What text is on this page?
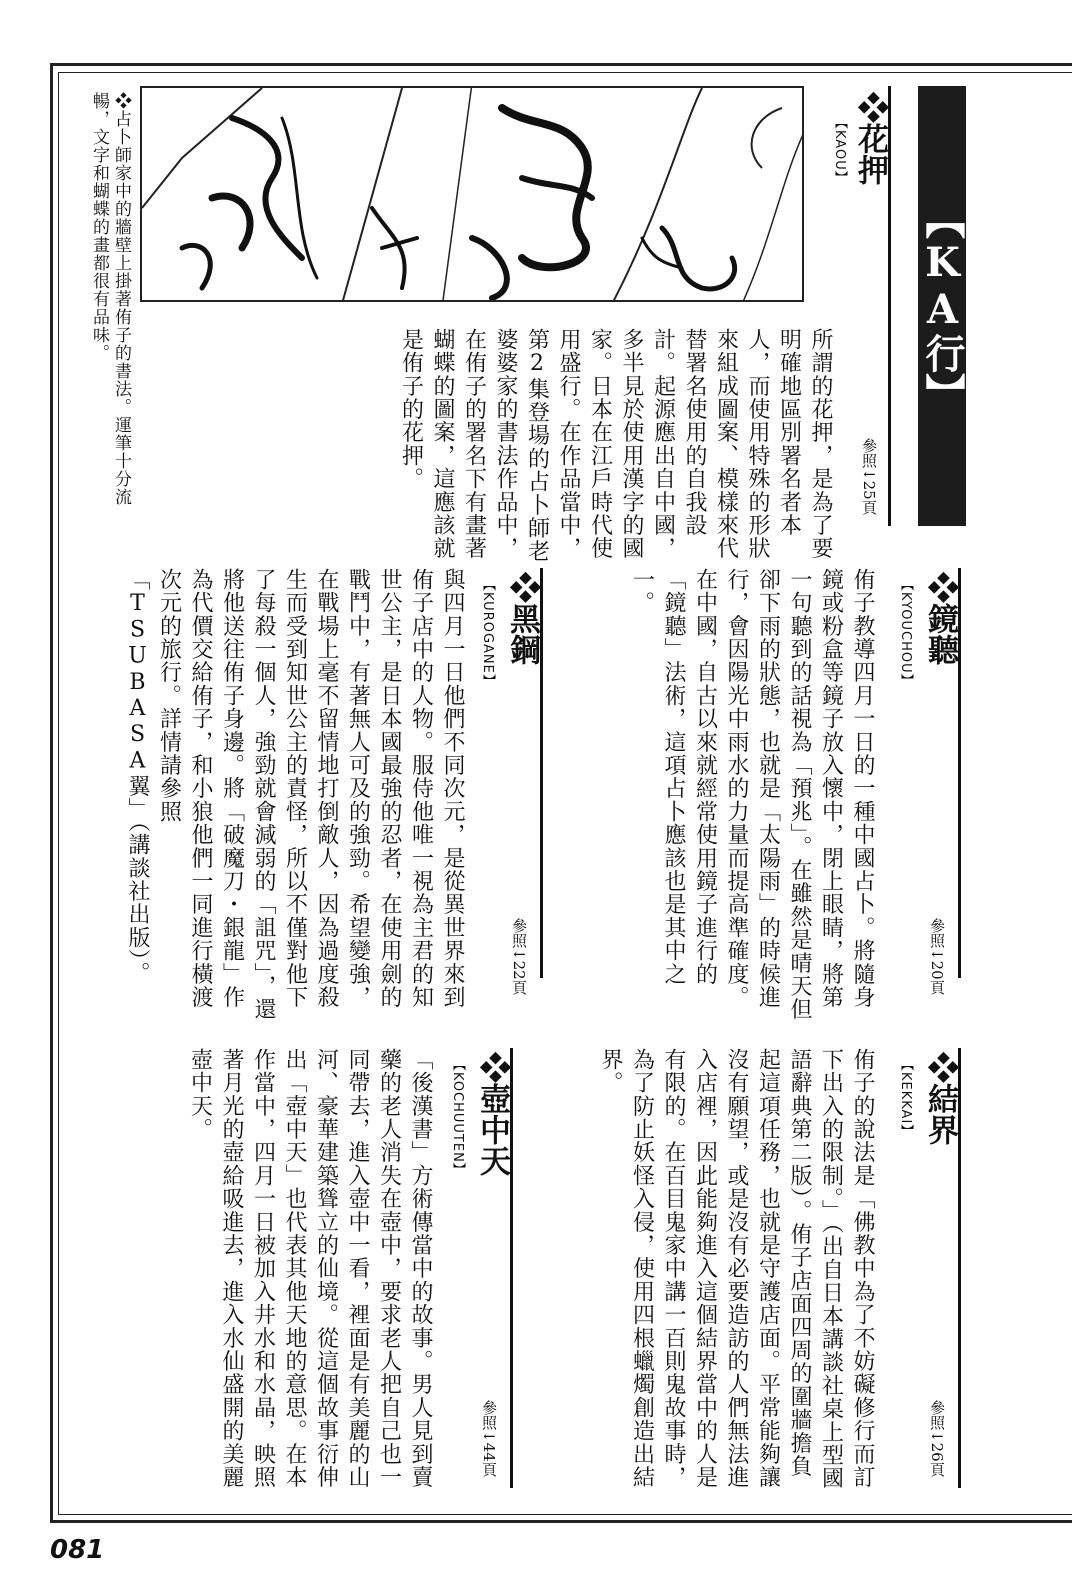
【KA行】
❖花押
【KAOU】
參照↓25頁
所謂的花押，是為了要明確地區別署名者本人，而使用特殊的形狀來組成圖案、模樣來代替署名使用的自我設計。起源應出自中國，多半見於使用漢字的國家。日本在江戶時代使用盛行。在作品當中，第2集登場的占卜師老婆婆家的書法作品中，在侑子的署名下有畫著蝴蝶的圖案，這應該就是侑子的花押。
❖占卜師家中的牆壁上掛著侑子的書法。運筆十分流暢，文字和蝴蝶的畫都很有品味。
❖鏡聽
【KYOUCHOU】
參照↓20頁
侑子教導四月一日的一種中國占卜。將隨身鏡或粉盒等鏡子放入懷中，閉上眼睛，將第一句聽到的話視為「預兆」。在雖然是晴天但卻下雨的狀態，也就是「太陽雨」的時候進行，會因陽光中雨水的力量而提高準確度。在中國，自古以來就經常使用鏡子進行的「鏡聽」法術，這項占卜應該也是其中之一。
❖黑鋼
【KUROGANE】
參照↓22頁
與四月一日他們不同次元，是從異世界來到侑子店中的人物。服侍他唯一視為主君的知世公主，是日本國最強的忍者，在使用劍的戰鬥中，有著無人可及的強勁。希望變強，在戰場上毫不留情地打倒敵人，因為過度殺生而受到知世公主的責怪，所以不僅對他下了每殺一個人，強勁就會減弱的「詛咒」，還將他送往侑子身邊。將「破魔刀・銀龍」作為代價交給侑子，和小狼他們一同進行橫渡次元的旅行。詳情請參照「TSUBASA翼」（講談社出版）。
❖結界
【KEKKAI】
參照↓26頁
侑子的說法是「佛教中為了不妨礙修行而訂下出入的限制。」（出自日本講談社桌上型國語辭典第二版）。侑子店面四周的圍牆擔負起這項任務，也就是守護店面。平常能夠讓沒有願望，或是沒有必要造訪的人們無法進入店裡，因此能夠進入這個結界當中的人是有限的。在百目鬼家中講一百則鬼故事時，為了防止妖怪入侵，使用四根蠟燭創造出結界。
❖壺中天
【KOCHUUTEN】
參照↓44頁
「後漢書」方術傳當中的故事。男人見到賣藥的老人消失在壺中，要求老人把自己也一同帶去，進入壺中一看，裡面是有美麗的山河、豪華建築聳立的仙境。從這個故事衍伸出「壺中天」也代表其他天地的意思。在本作當中，四月一日被加入井水和水晶，映照著月光的壺給吸進去，進入水仙盛開的美麗壺中天。
081
